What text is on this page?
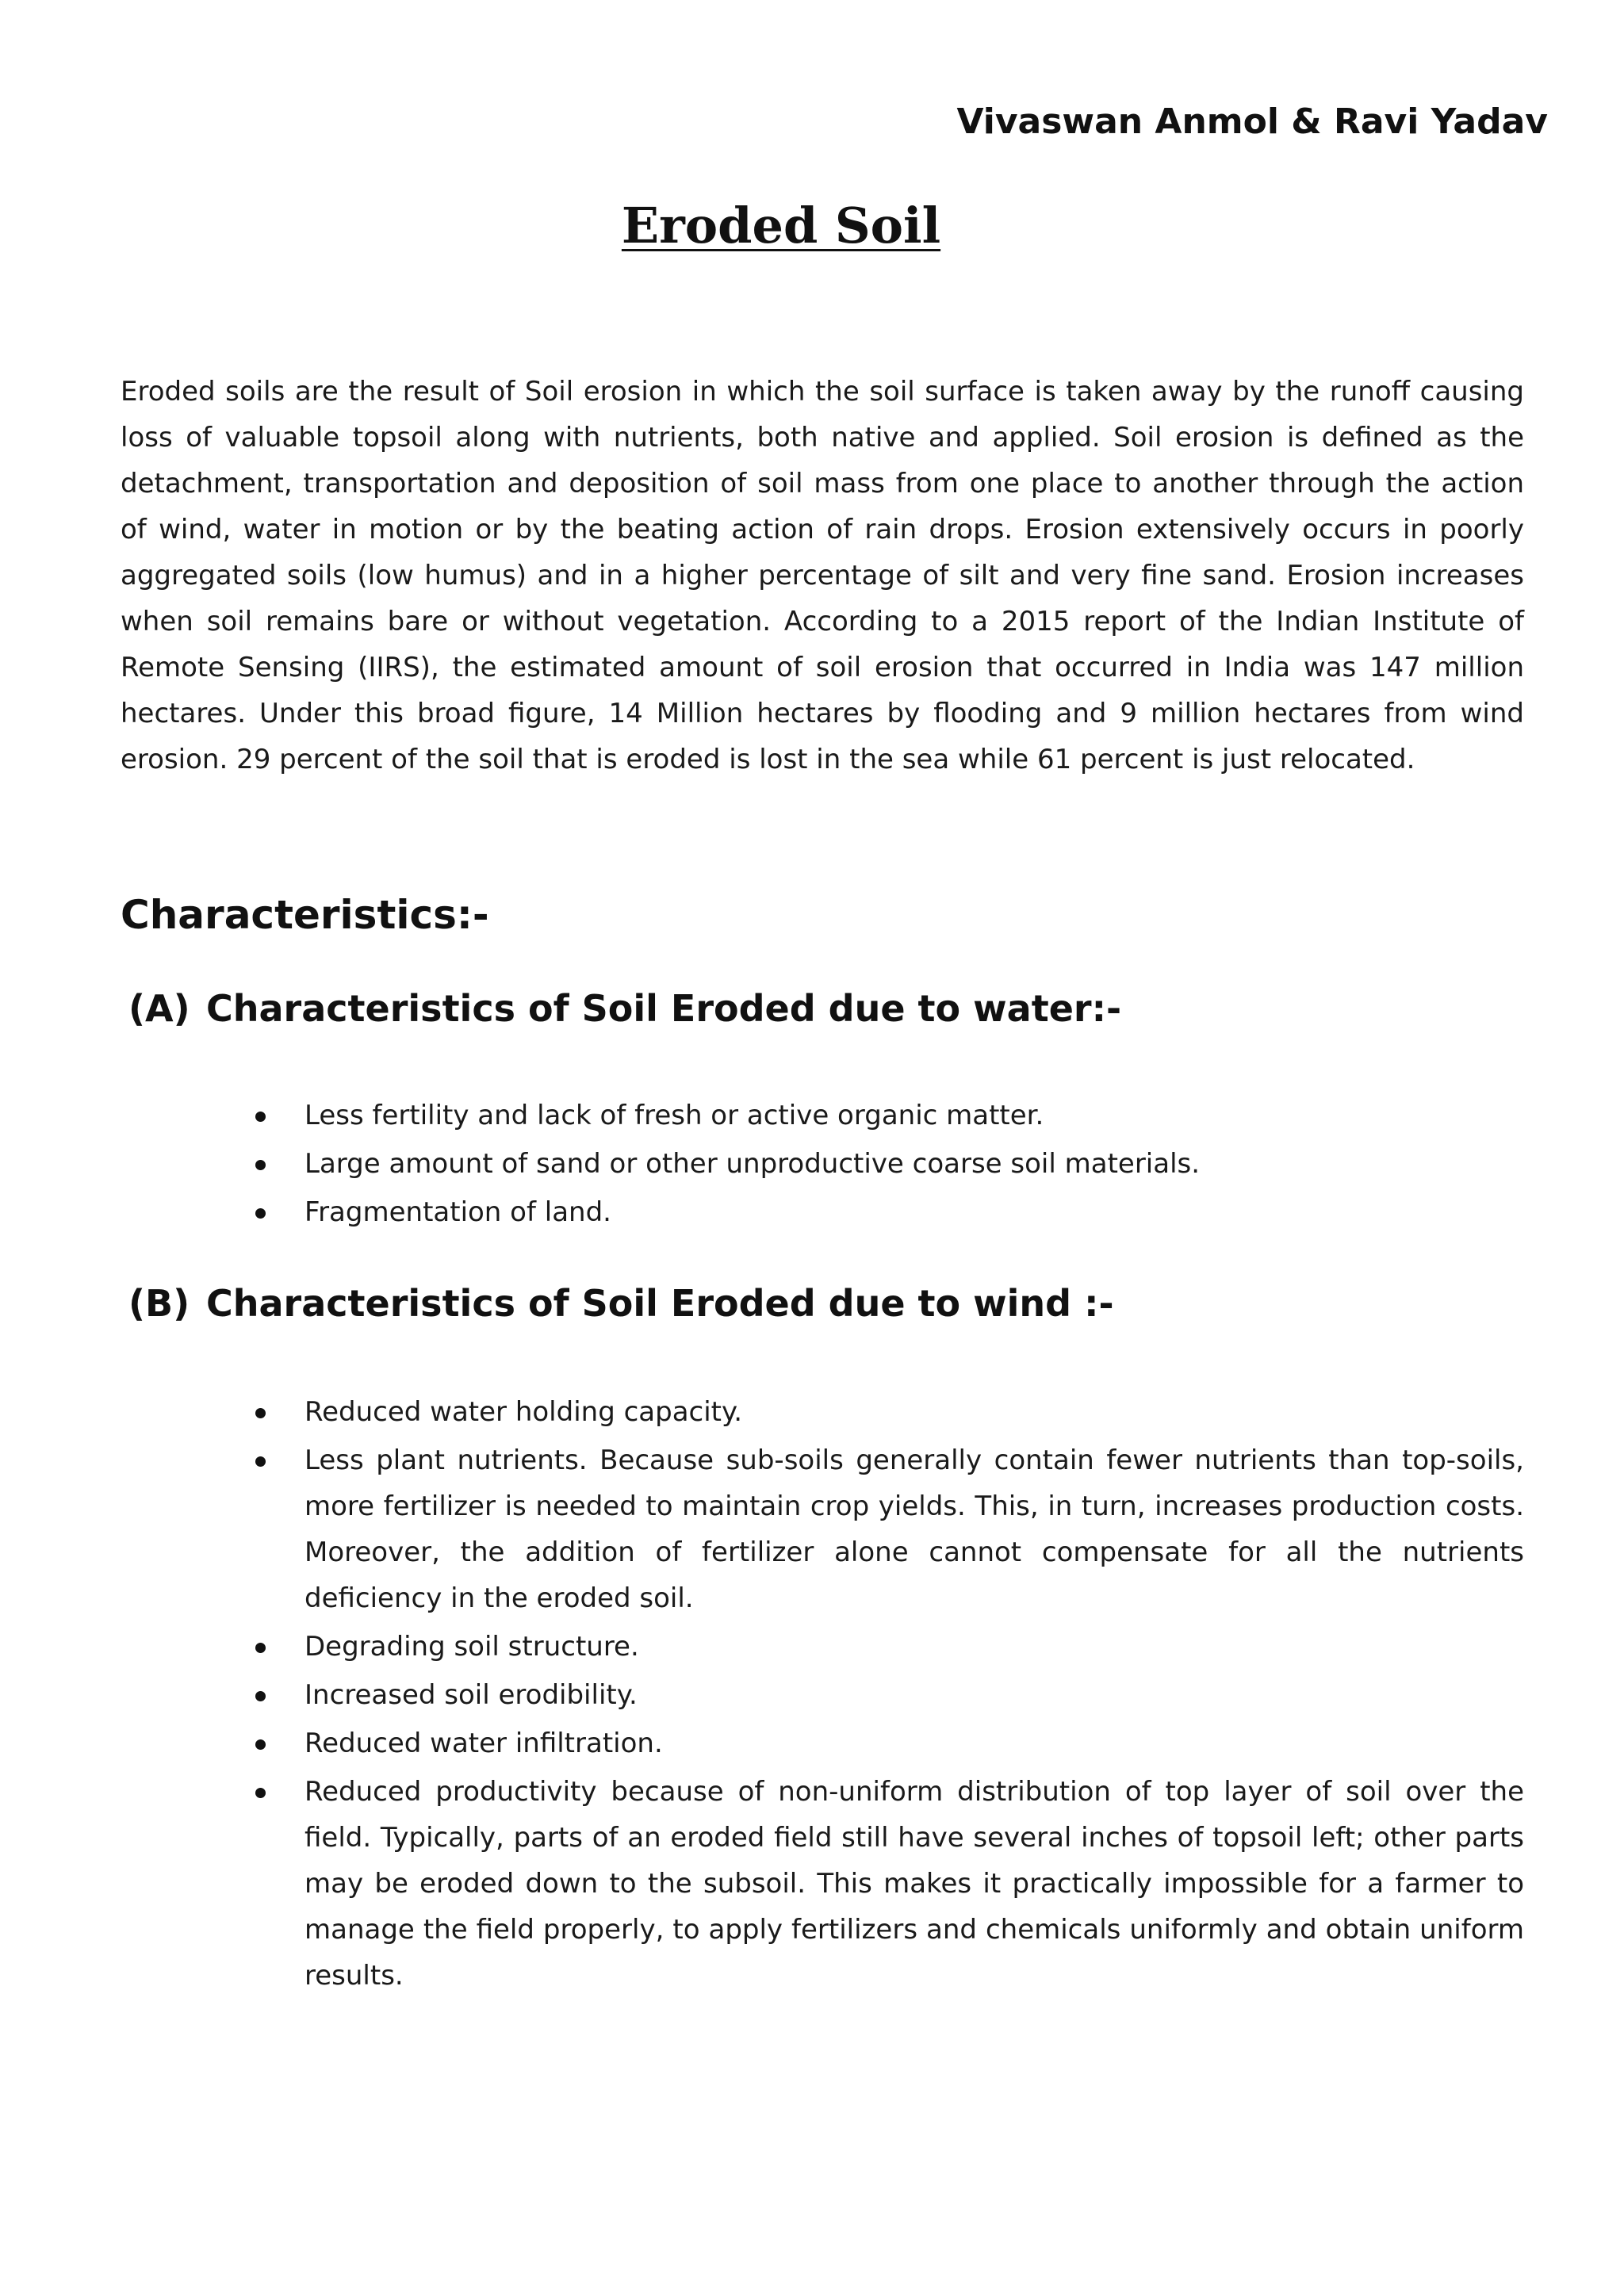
Vivaswan Anmol & Ravi Yadav
Eroded Soil

Eroded soils are the result of Soil erosion in which the soil surface is taken away by the runoff causing loss of valuable topsoil along with nutrients, both native and applied. Soil erosion is defined as the detachment, transportation and deposition of soil mass from one place to another through the action of wind, water in motion or by the beating action of rain drops. Erosion extensively occurs in poorly aggregated soils (low humus) and in a higher percentage of silt and very fine sand. Erosion increases when soil remains bare or without vegetation. According to a 2015 report of the Indian Institute of Remote Sensing (IIRS), the estimated amount of soil erosion that occurred in India was 147 million hectares. Under this broad figure, 14 Million hectares by flooding and 9 million hectares from wind erosion. 29 percent of the soil that is eroded is lost in the sea while 61 percent is just relocated.

Characteristics:-
(A) Characteristics of Soil Eroded due to water:-
Less fertility and lack of fresh or active organic matter.
Large amount of sand or other unproductive coarse soil materials.
Fragmentation of land.
(B) Characteristics of Soil Eroded due to wind :-
Reduced water holding capacity.
Less plant nutrients. Because sub-soils generally contain fewer nutrients than top-soils, more fertilizer is needed to maintain crop yields. This, in turn, increases production costs. Moreover, the addition of fertilizer alone cannot compensate for all the nutrients deficiency in the eroded soil.
Degrading soil structure.
Increased soil erodibility.
Reduced water infiltration.
Reduced productivity because of non-uniform distribution of top layer of soil over the field. Typically, parts of an eroded field still have several inches of topsoil left; other parts may be eroded down to the subsoil. This makes it practically impossible for a farmer to manage the field properly, to apply fertilizers and chemicals uniformly and obtain uniform results.
